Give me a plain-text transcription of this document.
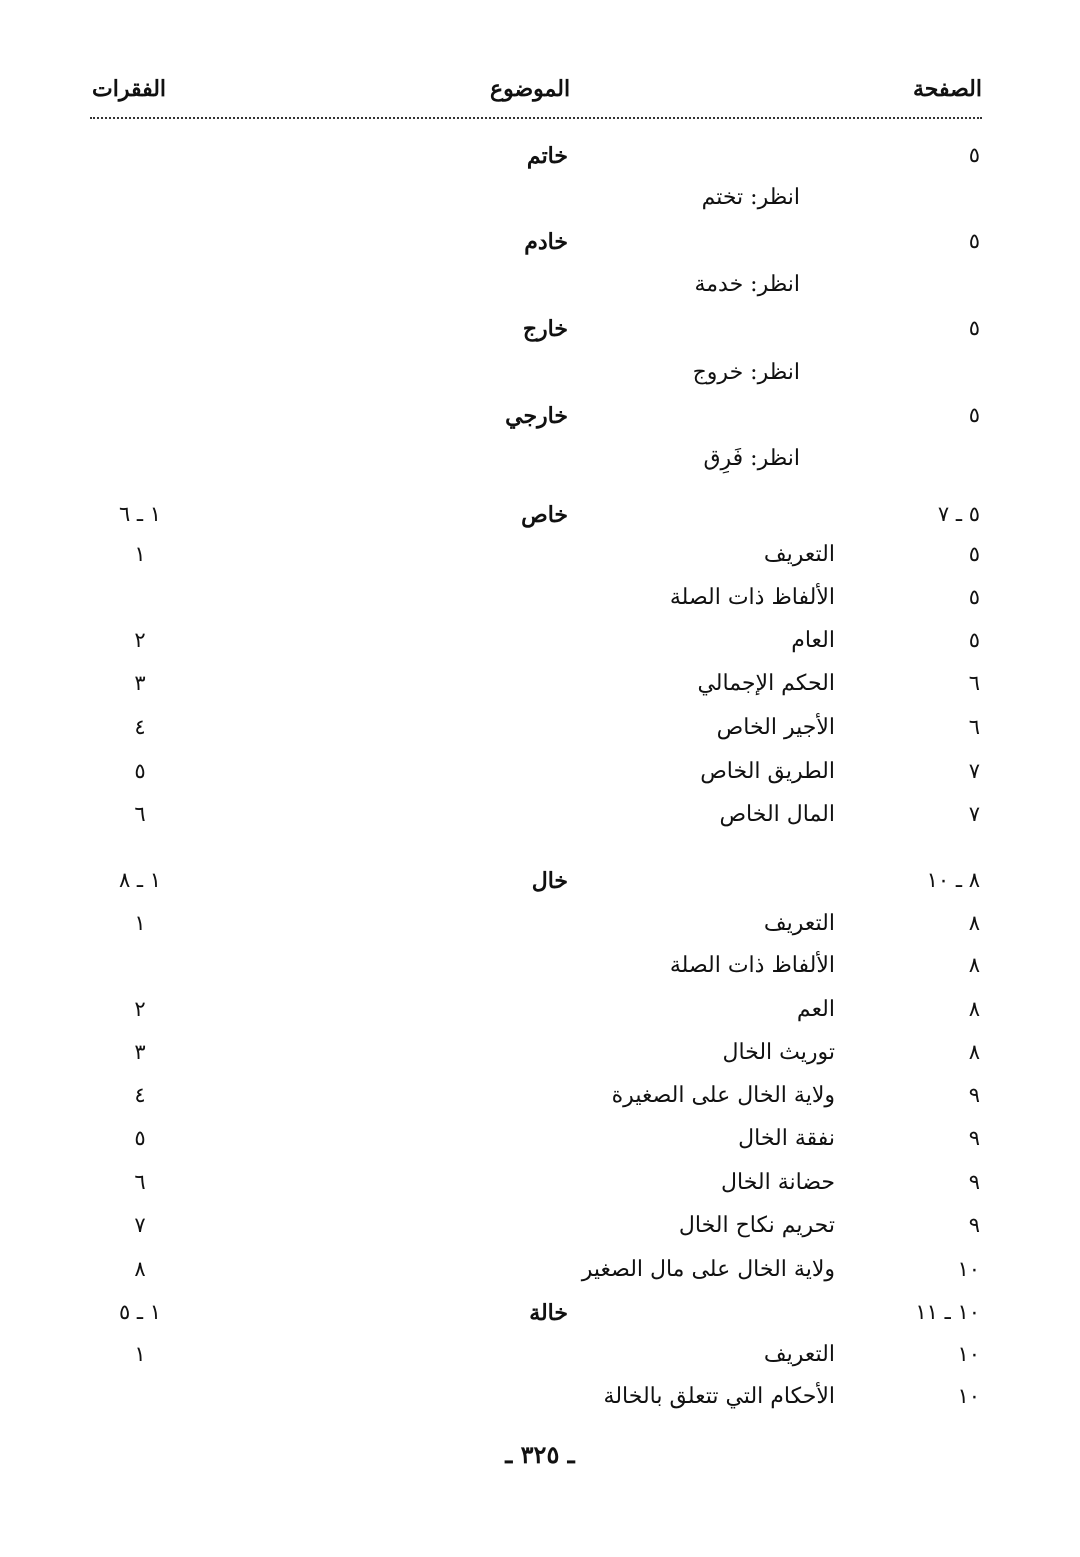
الصفحة
الموضوع
الفقرات
٥
خاتم
انظر: تختم
٥
خادم
انظر: خدمة
٥
خارج
انظر: خروج
٥
خارجي
انظر: فَرِق
٥ ـ ٧
خاص
١ ـ ٦
٥
التعريف
١
٥
الألفاظ ذات الصلة
٥
العام
٢
٦
الحكم الإجمالي
٣
٦
الأجير الخاص
٤
٧
الطريق الخاص
٥
٧
المال الخاص
٦
٨ ـ ١٠
خال
١ ـ ٨
٨
التعريف
١
٨
الألفاظ ذات الصلة
٨
العم
٢
٨
توريث الخال
٣
٩
ولاية الخال على الصغيرة
٤
٩
نفقة الخال
٥
٩
حضانة الخال
٦
٩
تحريم نكاح الخال
٧
١٠
ولاية الخال على مال الصغير
٨
١٠ ـ ١١
خالة
١ ـ ٥
١٠
التعريف
١
١٠
الأحكام التي تتعلق بالخالة
ـ ٣٢٥ ـ
